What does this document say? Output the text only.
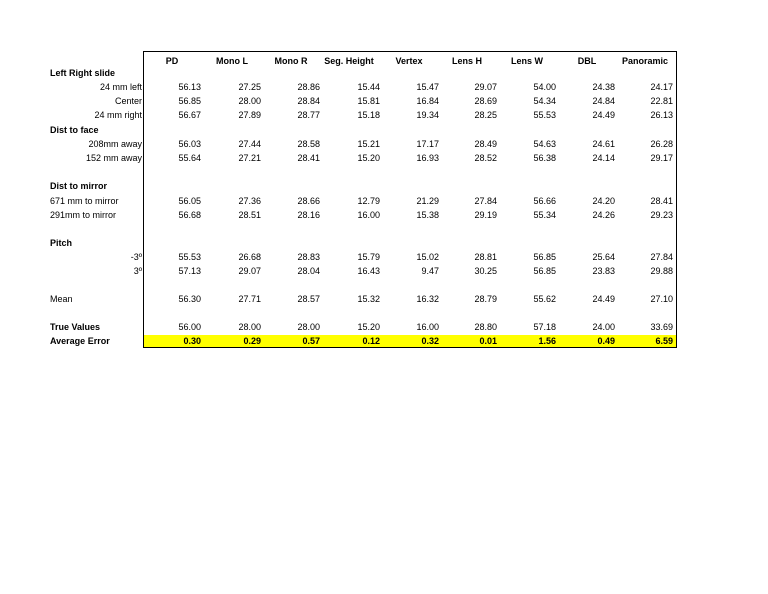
PD	Mono L	Mono R	Seg. Height	Vertex	Lens H	Lens W	DBL	Panoramic
Left Right slide
24 mm left	56.13	27.25	28.86	15.44	15.47	29.07	54.00	24.38	24.17
Center	56.85	28.00	28.84	15.81	16.84	28.69	54.34	24.84	22.81
24 mm right	56.67	27.89	28.77	15.18	19.34	28.25	55.53	24.49	26.13
Dist to face
208mm away	56.03	27.44	28.58	15.21	17.17	28.49	54.63	24.61	26.28
152 mm away	55.64	27.21	28.41	15.20	16.93	28.52	56.38	24.14	29.17
Dist to mirror
671 mm to mirror	56.05	27.36	28.66	12.79	21.29	27.84	56.66	24.20	28.41
291mm to mirror	56.68	28.51	28.16	16.00	15.38	29.19	55.34	24.26	29.23
Pitch
-3º	55.53	26.68	28.83	15.79	15.02	28.81	56.85	25.64	27.84
3º	57.13	29.07	28.04	16.43	9.47	30.25	56.85	23.83	29.88
Mean	56.30	27.71	28.57	15.32	16.32	28.79	55.62	24.49	27.10
True Values	56.00	28.00	28.00	15.20	16.00	28.80	57.18	24.00	33.69
Average Error	0.30	0.29	0.57	0.12	0.32	0.01	1.56	0.49	6.59
